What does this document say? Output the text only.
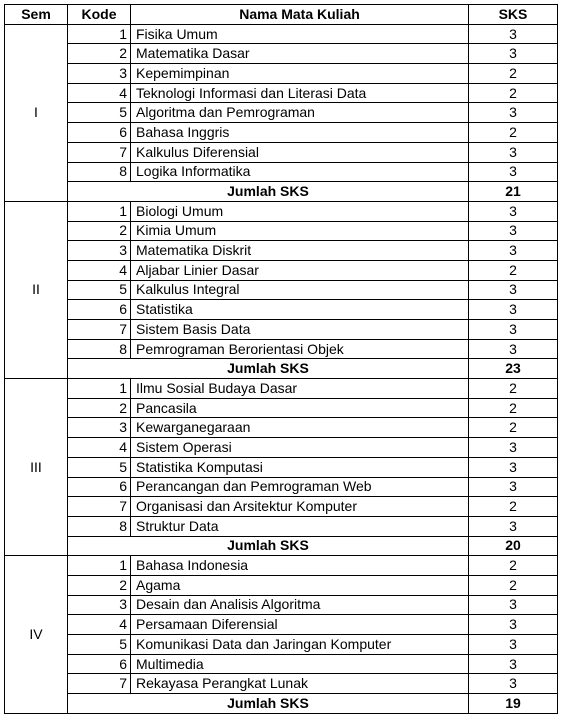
Sem	Kode	Nama Mata Kuliah	SKS
I	1	Fisika Umum	3
	2	Matematika Dasar	3
	3	Kepemimpinan	2
	4	Teknologi Informasi dan Literasi Data	2
	5	Algoritma dan Pemrograman	3
	6	Bahasa Inggris	2
	7	Kalkulus Diferensial	3
	8	Logika Informatika	3
	Jumlah SKS		21
II	1	Biologi Umum	3
	2	Kimia Umum	3
	3	Matematika Diskrit	3
	4	Aljabar Linier Dasar	2
	5	Kalkulus Integral	3
	6	Statistika	3
	7	Sistem Basis Data	3
	8	Pemrograman Berorientasi Objek	3
	Jumlah SKS		23
III	1	Ilmu Sosial Budaya Dasar	2
	2	Pancasila	2
	3	Kewarganegaraan	2
	4	Sistem Operasi	3
	5	Statistika Komputasi	3
	6	Perancangan dan Pemrograman Web	3
	7	Organisasi dan Arsitektur Komputer	2
	8	Struktur Data	3
	Jumlah SKS		20
IV	1	Bahasa Indonesia	2
	2	Agama	2
	3	Desain dan Analisis Algoritma	3
	4	Persamaan Diferensial	3
	5	Komunikasi Data dan Jaringan Komputer	3
	6	Multimedia	3
	7	Rekayasa Perangkat Lunak	3
	Jumlah SKS		19
